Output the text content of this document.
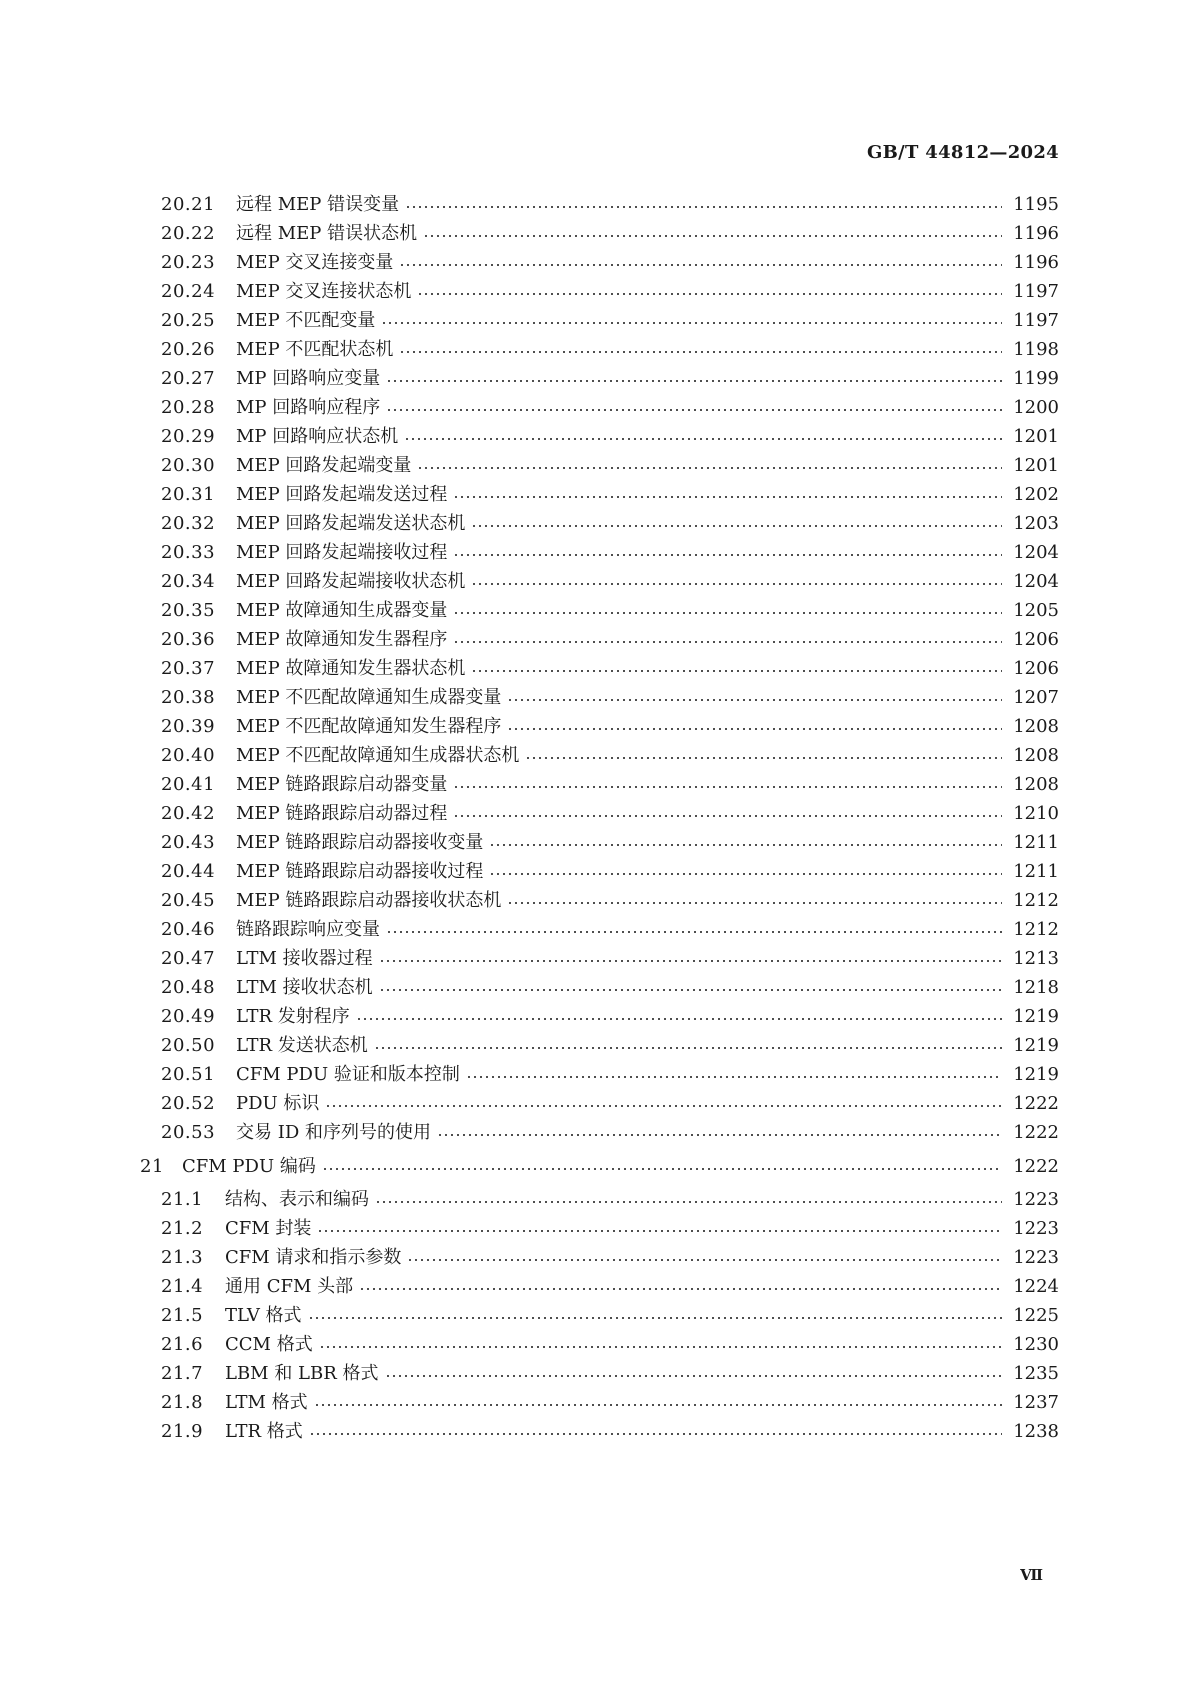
GB/T 44812—2024
20.21	远程 MEP 错误变量	1195
20.22	远程 MEP 错误状态机	1196
20.23	MEP 交叉连接变量	1196
20.24	MEP 交叉连接状态机	1197
20.25	MEP 不匹配变量	1197
20.26	MEP 不匹配状态机	1198
20.27	MP 回路响应变量	1199
20.28	MP 回路响应程序	1200
20.29	MP 回路响应状态机	1201
20.30	MEP 回路发起端变量	1201
20.31	MEP 回路发起端发送过程	1202
20.32	MEP 回路发起端发送状态机	1203
20.33	MEP 回路发起端接收过程	1204
20.34	MEP 回路发起端接收状态机	1204
20.35	MEP 故障通知生成器变量	1205
20.36	MEP 故障通知发生器程序	1206
20.37	MEP 故障通知发生器状态机	1206
20.38	MEP 不匹配故障通知生成器变量	1207
20.39	MEP 不匹配故障通知发生器程序	1208
20.40	MEP 不匹配故障通知生成器状态机	1208
20.41	MEP 链路跟踪启动器变量	1208
20.42	MEP 链路跟踪启动器过程	1210
20.43	MEP 链路跟踪启动器接收变量	1211
20.44	MEP 链路跟踪启动器接收过程	1211
20.45	MEP 链路跟踪启动器接收状态机	1212
20.46	链路跟踪响应变量	1212
20.47	LTM 接收器过程	1213
20.48	LTM 接收状态机	1218
20.49	LTR 发射程序	1219
20.50	LTR 发送状态机	1219
20.51	CFM PDU 验证和版本控制	1219
20.52	PDU 标识	1222
20.53	交易 ID 和序列号的使用	1222
21	CFM PDU 编码	1222
21.1	结构、表示和编码	1223
21.2	CFM 封装	1223
21.3	CFM 请求和指示参数	1223
21.4	通用 CFM 头部	1224
21.5	TLV 格式	1225
21.6	CCM 格式	1230
21.7	LBM 和 LBR 格式	1235
21.8	LTM 格式	1237
21.9	LTR 格式	1238
Ⅶ
